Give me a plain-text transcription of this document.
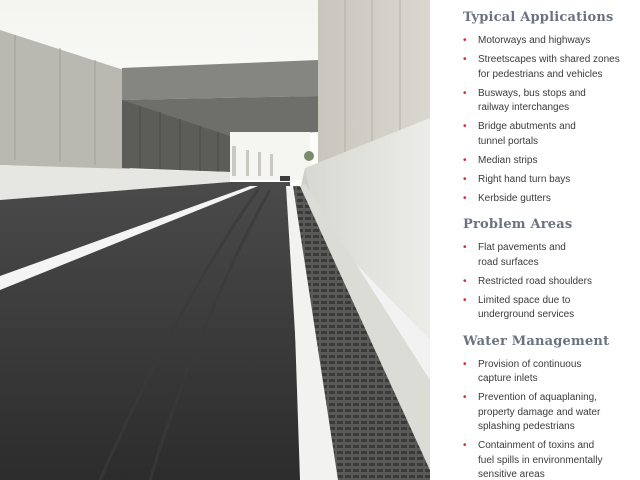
Typical Applications
• Motorways and highways
• Streetscapes with shared zones
for pedestrians and vehicles
• Busways, bus stops and
railway interchanges
• Bridge abutments and
tunnel portals
• Median strips
• Right hand turn bays
• Kerbside gutters
Problem Areas
• Flat pavements and
road surfaces
• Restricted road shoulders
• Limited space due to
underground services
Water Management
• Provision of continuous
capture inlets
• Prevention of aquaplaning,
property damage and water
splashing pedestrians
• Containment of toxins and
fuel spills in environmentally
sensitive areas
